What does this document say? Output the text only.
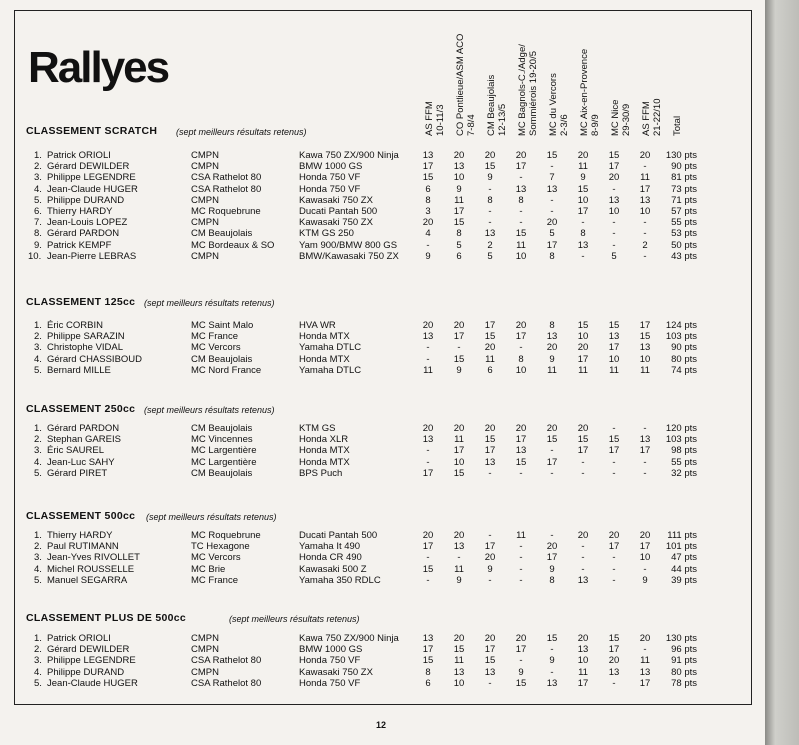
Rallyes
AS FFM 10-11/3 CO Pontlieue/ASM ACO 7-8/4 CM Beaujolais 12-13/5 MC Bagnols-C./Adge/ Sommiérois 19-20/5 MC du Vercors 2-3/6 MC Aix-en-Provence 8-9/9 MC Nice 29-30/9 AS FFM 21-22/10 Total
CLASSEMENT SCRATCH (sept meilleurs résultats retenus)
1. Patrick ORIOLI	CMPN	Kawa 750 ZX/900 Ninja	13	20	20	20	15	20	15	20	130 pts
2. Gérard DEWILDER	CMPN	BMW 1000 GS	17	13	15	17	-	11	17	-	90 pts
3. Philippe LEGENDRE	CSA Rathelot 80	Honda 750 VF	15	10	9	-	7	9	20	11	81 pts
4. Jean-Claude HUGER	CSA Rathelot 80	Honda 750 VF	6	9	-	13	13	15	-	17	73 pts
5. Philippe DURAND	CMPN	Kawasaki 750 ZX	8	11	8	8	-	10	13	13	71 pts
6. Thierry HARDY	MC Roquebrune	Ducati Pantah 500	3	17	-	-	-	17	10	10	57 pts
7. Jean-Louis LOPEZ	CMPN	Kawasaki 750 ZX	20	15	-	-	20	-	-	-	55 pts
8. Gérard PARDON	CM Beaujolais	KTM GS 250	4	8	13	15	5	8	-	-	53 pts
9. Patrick KEMPF	MC Bordeaux & SO	Yam 900/BMW 800 GS	-	5	2	11	17	13	-	2	50 pts
10. Jean-Pierre LEBRAS	CMPN	BMW/Kawasaki 750 ZX	9	6	5	10	8	-	5	-	43 pts
CLASSEMENT 125cc (sept meilleurs résultats retenus)
1. Éric CORBIN	MC Saint Malo	HVA WR	20	20	17	20	8	15	15	17	124 pts
2. Philippe SARAZIN	MC France	Honda MTX	13	17	15	17	13	10	13	15	103 pts
3. Christophe VIDAL	MC Vercors	Yamaha DTLC	-	-	20	-	20	20	17	13	90 pts
4. Gérard CHASSIBOUD	CM Beaujolais	Honda MTX	-	15	11	8	9	17	10	10	80 pts
5. Bernard MILLE	MC Nord France	Yamaha DTLC	11	9	6	10	11	11	11	11	74 pts
CLASSEMENT 250cc (sept meilleurs résultats retenus)
1. Gérard PARDON	CM Beaujolais	KTM GS	20	20	20	20	20	20	-	-	120 pts
2. Stephan GAREIS	MC Vincennes	Honda XLR	13	11	15	17	15	15	15	13	103 pts
3. Éric SAUREL	MC Largentière	Honda MTX	-	17	17	13	-	17	17	17	98 pts
4. Jean-Luc SAHY	MC Largentière	Honda MTX	-	10	13	15	17	-	-	-	55 pts
5. Gérard PIRET	CM Beaujolais	BPS Puch	17	15	-	-	-	-	-	-	32 pts
CLASSEMENT 500cc (sept meilleurs résultats retenus)
1. Thierry HARDY	MC Roquebrune	Ducati Pantah 500	20	20	-	11	-	20	20	20	111 pts
2. Paul RUTIMANN	TC Hexagone	Yamaha It 490	17	13	17	-	20	-	17	17	101 pts
3. Jean-Yves RIVOLLET	MC Vercors	Honda CR 490	-	-	20	-	17	-	-	10	47 pts
4. Michel ROUSSELLE	MC Brie	Kawasaki 500 Z	15	11	9	-	9	-	-	-	44 pts
5. Manuel SEGARRA	MC France	Yamaha 350 RDLC	-	9	-	-	8	13	-	9	39 pts
CLASSEMENT PLUS DE 500cc	(sept meilleurs résultats retenus)
1. Patrick ORIOLI	CMPN	Kawa 750 ZX/900 Ninja	13	20	20	20	15	20	15	20	130 pts
2. Gérard DEWILDER	CMPN	BMW 1000 GS	17	15	17	17	-	13	17	-	96 pts
3. Philippe LEGENDRE	CSA Rathelot 80	Honda 750 VF	15	11	15	-	9	10	20	11	91 pts
4. Philippe DURAND	CMPN	Kawasaki 750 ZX	8	13	13	9	-	11	13	13	80 pts
5. Jean-Claude HUGER	CSA Rathelot 80	Honda 750 VF	6	10	-	15	13	17	-	17	78 pts
12
